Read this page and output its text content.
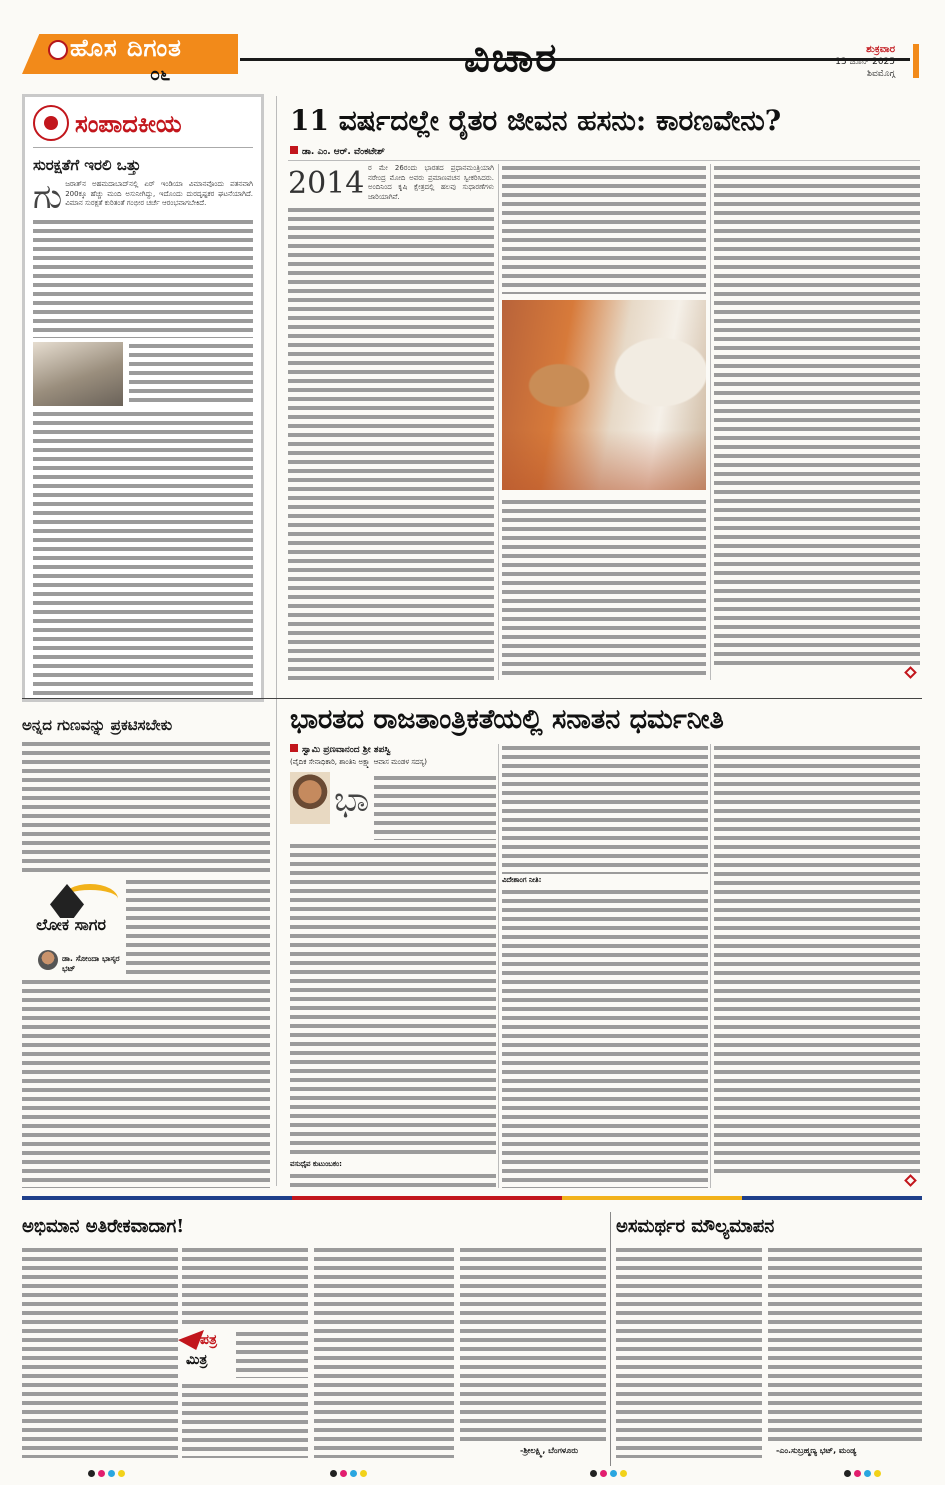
ಹೊಸ ದಿಗಂತ
೦೬	ವಿಚಾರ	ಶುಕ್ರವಾರ
13 ಜೂನ್ 2025
ಶಿವಮೊಗ್ಗ
ಸಂಪಾದಕೀಯ
ಸುರಕ್ಷತೆಗೆ ಇರಲಿ ಒತ್ತು
ಗು ಜರಾತ್‌ನ ಅಹಮದಾಬಾದ್‌ನಲ್ಲಿ ಏರ್ ಇಂಡಿಯಾ ವಿಮಾನವೊಂದು ಪತನವಾಗಿ 200ಕ್ಕೂ ಹೆಚ್ಚು ಮಂದಿ ಅಸುನೀಗಿದ್ದು, ಇದೊಂದು ದುರದೃಷ್ಟಕರ ಘಟನೆಯಾಗಿದೆ. ವಿಮಾನ ಸುರಕ್ಷತೆ ಕುರಿತಂತೆ ಗಂಭೀರ ಚರ್ಚೆ ಆರಂಭವಾಗಬೇಕಿದೆ.
11 ವರ್ಷದಲ್ಲೇ ರೈತರ ಜೀವನ ಹಸನು: ಕಾರಣವೇನು?
ಡಾ. ಎಂ. ಆರ್. ವೆಂಕಟೇಶ್
2014 ರ ಮೇ 26ರಂದು ಭಾರತದ ಪ್ರಧಾನಮಂತ್ರಿಯಾಗಿ ನರೇಂದ್ರ ಮೋದಿ ಅವರು ಪ್ರಮಾಣವಚನ ಸ್ವೀಕರಿಸಿದರು. ಅಂದಿನಿಂದ ಕೃಷಿ ಕ್ಷೇತ್ರದಲ್ಲಿ ಹಲವು ಸುಧಾರಣೆಗಳು ಜಾರಿಯಾಗಿವೆ.
ಅನ್ನದ ಗುಣವನ್ನು ಪ್ರಕಟಿಸಬೇಕು
ಲೋಕ ಸಾಗರ
ಡಾ. ಸೋಂದಾ ಭಾಸ್ಕರ ಭಟ್
ಭಾರತದ ರಾಜತಾಂತ್ರಿಕತೆಯಲ್ಲಿ ಸನಾತನ ಧರ್ಮನೀತಿ
ಸ್ವಾಮಿ ಪ್ರಣವಾನಂದ ಶ್ರೀ ತಪಸ್ವಿ
(ವೈದಿಕ ಸೇನಾಧಿಕಾರಿ, ಶಾಂತಿನಿ ಅಕ್ಷ್ಮಾ ಆವಾಸ ಮಂಡಳ ಸದಸ್ಯ)
ಭಾ
ವಸುಧೈವ ಕುಟುಂಬಕಂ:
ವಿದೇಶಾಂಗ ನೀತಿ:
ಅಭಿಮಾನ ಅತಿರೇಕವಾದಾಗ!	ಅಸಮರ್ಥರ ಮೌಲ್ಯಮಾಪನ
ಪತ್ರ
ಮಿತ್ರ
-ಶ್ರೀಲಕ್ಷ್ಮಿ, ಬೆಂಗಳೂರು	-ಎಂ.ಸುಬ್ರಹ್ಮಣ್ಯ ಭಟ್, ಮಂಡ್ಯ
